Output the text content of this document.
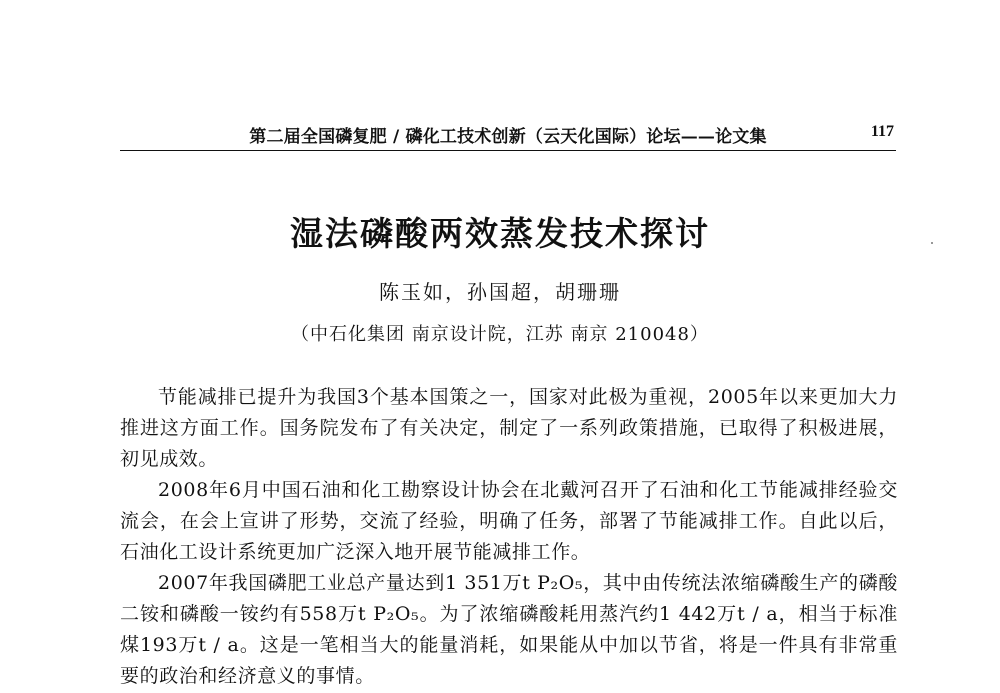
第二届全国磷复肥 / 磷化工技术创新（云天化国际）论坛——论文集	117
湿法磷酸两效蒸发技术探讨
陈玉如，孙国超，胡珊珊
（中石化集团 南京设计院，江苏 南京 210048）

节能减排已提升为我国3个基本国策之一，国家对此极为重视，2005年以来更加大力推进这方面工作。国务院发布了有关决定，制定了一系列政策措施，已取得了积极进展，初见成效。

2008年6月中国石油和化工勘察设计协会在北戴河召开了石油和化工节能减排经验交流会，在会上宣讲了形势，交流了经验，明确了任务，部署了节能减排工作。自此以后，石油化工设计系统更加广泛深入地开展节能减排工作。

2007年我国磷肥工业总产量达到1 351万t P₂O₅，其中由传统法浓缩磷酸生产的磷酸二铵和磷酸一铵约有558万t P₂O₅。为了浓缩磷酸耗用蒸汽约1 442万t / a，相当于标准煤193万t / a。这是一笔相当大的能量消耗，如果能从中加以节省，将是一件具有非常重要的政治和经济意义的事情。
